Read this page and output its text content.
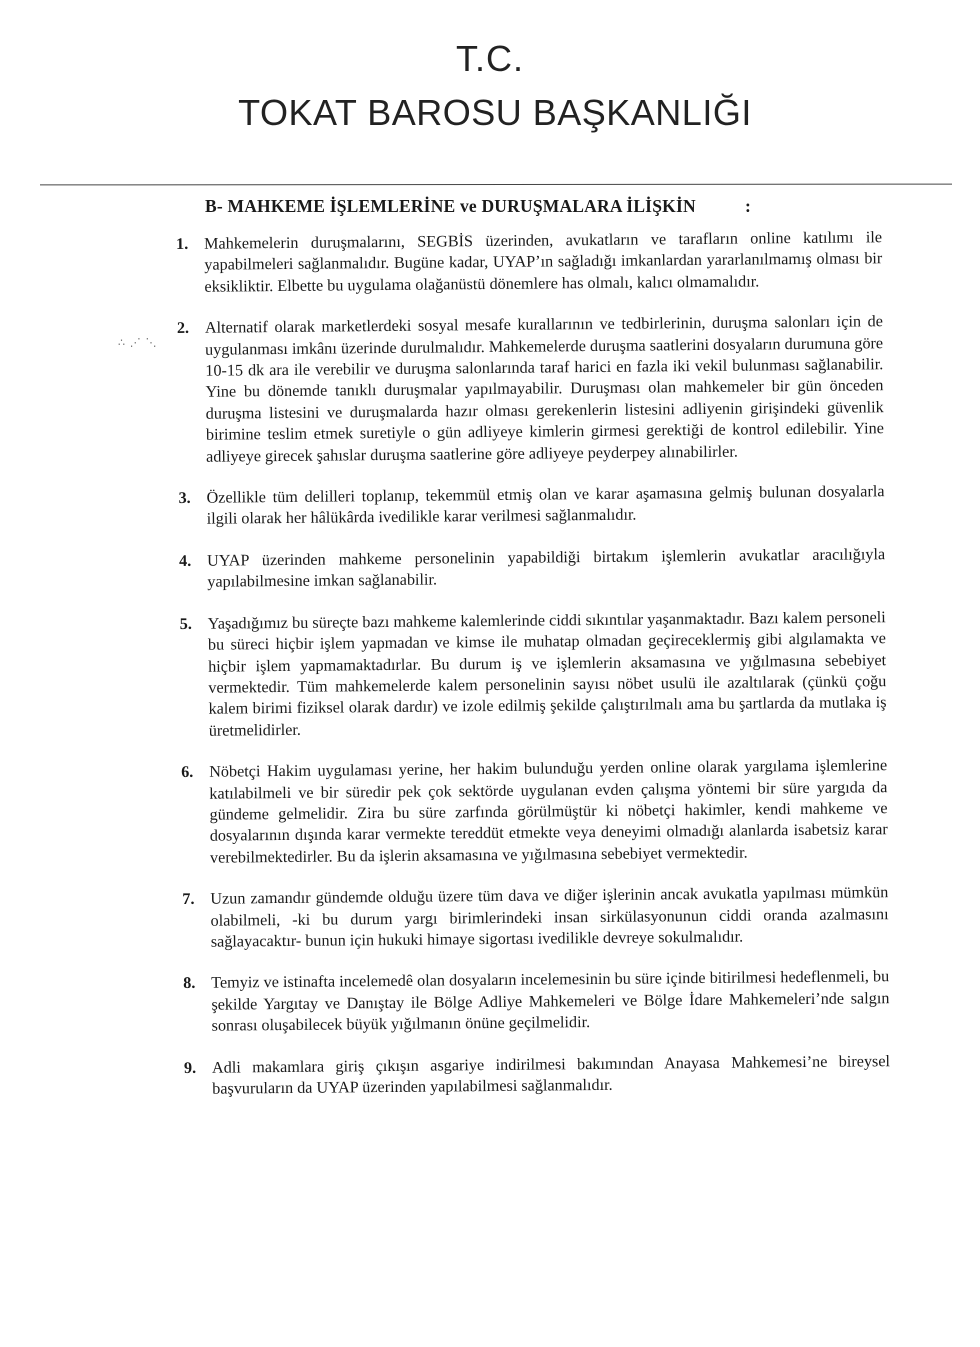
T.C.
TOKAT BAROSU BAŞKANLIĞI
B- MAHKEME İŞLEMLERİNE ve DURUŞMALARA İLİŞKİN	:
∴ ⋰ ⋱
1. Mahkemelerin duruşmalarını, SEGBİS üzerinden, avukatların ve tarafların online katılımı ile yapabilmeleri sağlanmalıdır. Bugüne kadar, UYAP’ın sağladığı imkanlardan yararlanılmamış olması bir eksikliktir. Elbette bu uygulama olağanüstü dönemlere has olmalı, kalıcı olmamalıdır.
2. Alternatif olarak marketlerdeki sosyal mesafe kurallarının ve tedbirlerinin, duruşma salonları için de uygulanması imkânı üzerinde durulmalıdır. Mahkemelerde duruşma saatlerini dosyaların durumuna göre 10-15 dk ara ile verebilir ve duruşma salonlarında taraf harici en fazla iki vekil bulunması sağlanabilir. Yine bu dönemde tanıklı duruşmalar yapılmayabilir. Duruşması olan mahkemeler bir gün önceden duruşma listesini ve duruşmalarda hazır olması gerekenlerin listesini adliyenin girişindeki güvenlik birimine teslim etmek suretiyle o gün adliyeye kimlerin girmesi gerektiği de kontrol edilebilir. Yine adliyeye girecek şahıslar duruşma saatlerine göre adliyeye peyderpey alınabilirler.
3. Özellikle tüm delilleri toplanıp, tekemmül etmiş olan ve karar aşamasına gelmiş bulunan dosyalarla ilgili olarak her hâlükârda ivedilikle karar verilmesi sağlanmalıdır.
4. UYAP üzerinden mahkeme personelinin yapabildiği birtakım işlemlerin avukatlar aracılığıyla yapılabilmesine imkan sağlanabilir.
5. Yaşadığımız bu süreçte bazı mahkeme kalemlerinde ciddi sıkıntılar yaşanmaktadır. Bazı kalem personeli bu süreci hiçbir işlem yapmadan ve kimse ile muhatap olmadan geçireceklermiş gibi algılamakta ve hiçbir işlem yapmamaktadırlar. Bu durum iş ve işlemlerin aksamasına ve yığılmasına sebebiyet vermektedir. Tüm mahkemelerde kalem personelinin sayısı nöbet usulü ile azaltılarak (çünkü çoğu kalem birimi fiziksel olarak dardır) ve izole edilmiş şekilde çalıştırılmalı ama bu şartlarda da mutlaka iş üretmelidirler.
6. Nöbetçi Hakim uygulaması yerine, her hakim bulunduğu yerden online olarak yargılama işlemlerine katılabilmeli ve bir süredir pek çok sektörde uygulanan evden çalışma yöntemi bir süre yargıda da gündeme gelmelidir. Zira bu süre zarfında görülmüştür ki nöbetçi hakimler, kendi mahkeme ve dosyalarının dışında karar vermekte tereddüt etmekte veya deneyimi olmadığı alanlarda isabetsiz karar verebilmektedirler. Bu da işlerin aksamasına ve yığılmasına sebebiyet vermektedir.
7. Uzun zamandır gündemde olduğu üzere tüm dava ve diğer işlerinin ancak avukatla yapılması mümkün olabilmeli, -ki bu durum yargı birimlerindeki insan sirkülasyonunun ciddi oranda azalmasını sağlayacaktır- bunun için hukuki himaye sigortası ivedilikle devreye sokulmalıdır.
8. Temyiz ve istinafta incelemedê olan dosyaların incelemesinin bu süre içinde bitirilmesi hedeflenmeli, bu şekilde Yargıtay ve Danıştay ile Bölge Adliye Mahkemeleri ve Bölge İdare Mahkemeleri’nde salgın sonrası oluşabilecek büyük yığılmanın önüne geçilmelidir.
9. Adli makamlara giriş çıkışın asgariye indirilmesi bakımından Anayasa Mahkemesi’ne bireysel başvuruların da UYAP üzerinden yapılabilmesi sağlanmalıdır.
